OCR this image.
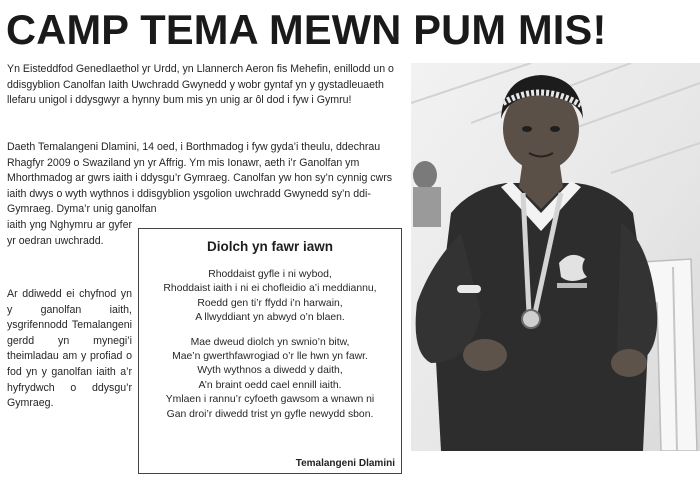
CAMP TEMA MEWN PUM MIS!
Yn Eisteddfod Genedlaethol yr Urdd, yn Llannerch Aeron fis Mehefin, enillodd un o ddisgyblion Canolfan Iaith Uwchradd Gwynedd y wobr gyntaf yn y gystadleuaeth llefaru unigol i ddysgwyr a hynny bum mis yn unig ar ôl dod i fyw i Gymru!
Daeth Temalangeni Dlamini, 14 oed, i Borthmadog i fyw gyda’i theulu, ddechrau Rhagfyr 2009 o Swaziland yn yr Affrig. Ym mis Ionawr, aeth i’r Ganolfan ym Mhorthmadog ar gwrs iaith i ddysgu’r Gymraeg. Canolfan yw hon sy’n cynnig cwrs iaith dwys o wyth wythnos i ddisgyblion ysgolion uwchradd Gwynedd sy’n ddi-Gymraeg. Dyma’r unig ganolfan
iaith yng Nghymru ar gyfer yr oedran uwchradd.
Ar ddiwedd ei chyfnod yn y ganolfan iaith, ysgrifennodd Temalangeni gerdd yn mynegi’i theimladau am y profiad o fod yn y ganolfan iaith a’r hyfrydwch o ddysgu’r Gymraeg.
Diolch yn fawr iawn
Rhoddaist gyfle i ni wybod,
Rhoddaist iaith i ni ei chofleidio a’i meddiannu,
Roedd gen ti’r ffydd i’n harwain,
A llwyddiant yn abwyd o’n blaen.
Mae dweud diolch yn swnio’n bitw,
Mae’n gwerthfawrogiad o’r lle hwn yn fawr.
Wyth wythnos a diwedd y daith,
A’n braint oedd cael ennill iaith.
Ymlaen i rannu’r cyfoeth gawsom a wnawn ni
Gan droi’r diwedd trist yn gyfle newydd sbon.
Temalangeni Dlamini
